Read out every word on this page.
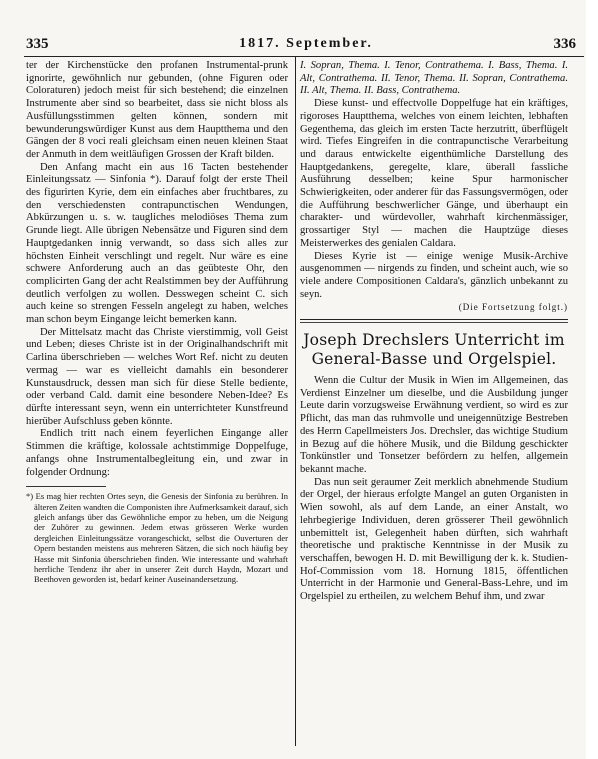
335	1817. September.	336

ter der Kirchenstücke den profanen Instrumental-prunk ignorirte, gewöhnlich nur gebunden, (ohne Figuren oder Coloraturen) jedoch meist für sich bestehend; die einzelnen Instrumente aber sind so bearbeitet, dass sie nicht bloss als Ausfüllungsstimmen gelten können, sondern mit bewunderungswürdiger Kunst aus dem Hauptthema und den Gängen der 8 voci reali gleichsam einen neuen kleinen Staat der Anmuth in dem weitläufigen Grossen der Kraft bilden.

Den Anfang macht ein aus 16 Tacten bestehender Einleitungssatz — Sinfonia *). Darauf folgt der erste Theil des figurirten Kyrie, dem ein einfaches aber fruchtbares, zu den verschiedensten contrapunctischen Wendungen, Abkürzungen u. s. w. taugliches melodiöses Thema zum Grunde liegt. Alle übrigen Nebensätze und Figuren sind dem Hauptgedanken innig verwandt, so dass sich alles zur höchsten Einheit verschlingt und regelt. Nur wäre es eine schwere Anforderung auch an das geübteste Ohr, den complicirten Gang der acht Realstimmen bey der Aufführung deutlich verfolgen zu wollen. Desswegen scheint C. sich auch keine so strengen Fesseln angelegt zu haben, welches man schon beym Eingange leicht bemerken kann.

Der Mittelsatz macht das Christe vierstimmig, voll Geist und Leben; dieses Christe ist in der Originalhandschrift mit Carlina überschrieben — welches Wort Ref. nicht zu deuten vermag — war es vielleicht damahls ein besonderer Kunstausdruck, dessen man sich für diese Stelle bediente, oder verband Cald. damit eine besondere Neben-Idee? Es dürfte interessant seyn, wenn ein unterrichteter Kunstfreund hierüber Aufschluss geben könnte.

Endlich tritt nach einem feyerlichen Eingange aller Stimmen die kräftige, kolossale achtstimmige Doppelfuge, anfangs ohne Instrumentalbegleitung ein, und zwar in folgender Ordnung:

*) Es mag hier rechten Ortes seyn, die Genesis der Sinfonia zu berühren. In älteren Zeiten wandten die Componisten ihre Aufmerksamkeit darauf, sich gleich anfangs über das Gewöhnliche empor zu heben, um die Neigung der Zuhörer zu gewinnen. Jedem etwas grösseren Werke wurden dergleichen Einleitungssätze vorangeschickt, selbst die Ouverturen der Opern bestanden meistens aus mehreren Sätzen, die sich noch häufig bey Hasse mit Sinfonia überschrieben finden. Wie interessante und wahrhaft herrliche Tendenz ihr aber in unserer Zeit durch Haydn, Mozart und Beethoven geworden ist, bedarf keiner Auseinandersetzung.

I. Sopran, Thema. I. Tenor, Contrathema. I. Bass, Thema. I. Alt, Contrathema. II. Tenor, Thema. II. Sopran, Contrathema. II. Alt, Thema. II. Bass, Contrathema.

Diese kunst- und effectvolle Doppelfuge hat ein kräftiges, rigoroses Hauptthema, welches von einem leichten, lebhaften Gegenthema, das gleich im ersten Tacte herzutritt, überflügelt wird. Tiefes Eingreifen in die contrapunctische Verarbeitung und daraus entwickelte eigenthümliche Darstellung des Hauptgedankens, geregelte, klare, überall fassliche Ausführung desselben; keine Spur harmonischer Schwierigkeiten, oder anderer für das Fassungsvermögen, oder die Aufführung beschwerlicher Gänge, und überhaupt ein charakter- und würdevoller, wahrhaft kirchenmässiger, grossartiger Styl — machen die Hauptzüge dieses Meisterwerkes des genialen Caldara.

Dieses Kyrie ist — einige wenige Musik-Archive ausgenommen — nirgends zu finden, und scheint auch, wie so viele andere Compositionen Caldara's, gänzlich unbekannt zu seyn.

(Die Fortsetzung folgt.)

Joseph Drechslers Unterricht im General-Basse und Orgelspiel.

Wenn die Cultur der Musik in Wien im Allgemeinen, das Verdienst Einzelner um dieselbe, und die Ausbildung junger Leute darin vorzugsweise Erwähnung verdient, so wird es zur Pflicht, das man das ruhmvolle und uneigennützige Bestreben des Herrn Capellmeisters Jos. Drechsler, das wichtige Studium in Bezug auf die höhere Musik, und die Bildung geschickter Tonkünstler und Tonsetzer befördern zu helfen, allgemein bekannt mache.

Das nun seit geraumer Zeit merklich abnehmende Studium der Orgel, der hieraus erfolgte Mangel an guten Organisten in Wien sowohl, als auf dem Lande, an einer Anstalt, wo lehrbegierige Individuen, deren grösserer Theil gewöhnlich unbemittelt ist, Gelegenheit haben dürften, sich wahrhaft theoretische und praktische Kenntnisse in der Musik zu verschaffen, bewogen H. D. mit Bewilligung der k. k. Studien-Hof-Commission vom 18. Hornung 1815, öffentlichen Unterricht in der Harmonie und General-Bass-Lehre, und im Orgelspiel zu ertheilen, zu welchem Behuf ihm, und zwar
